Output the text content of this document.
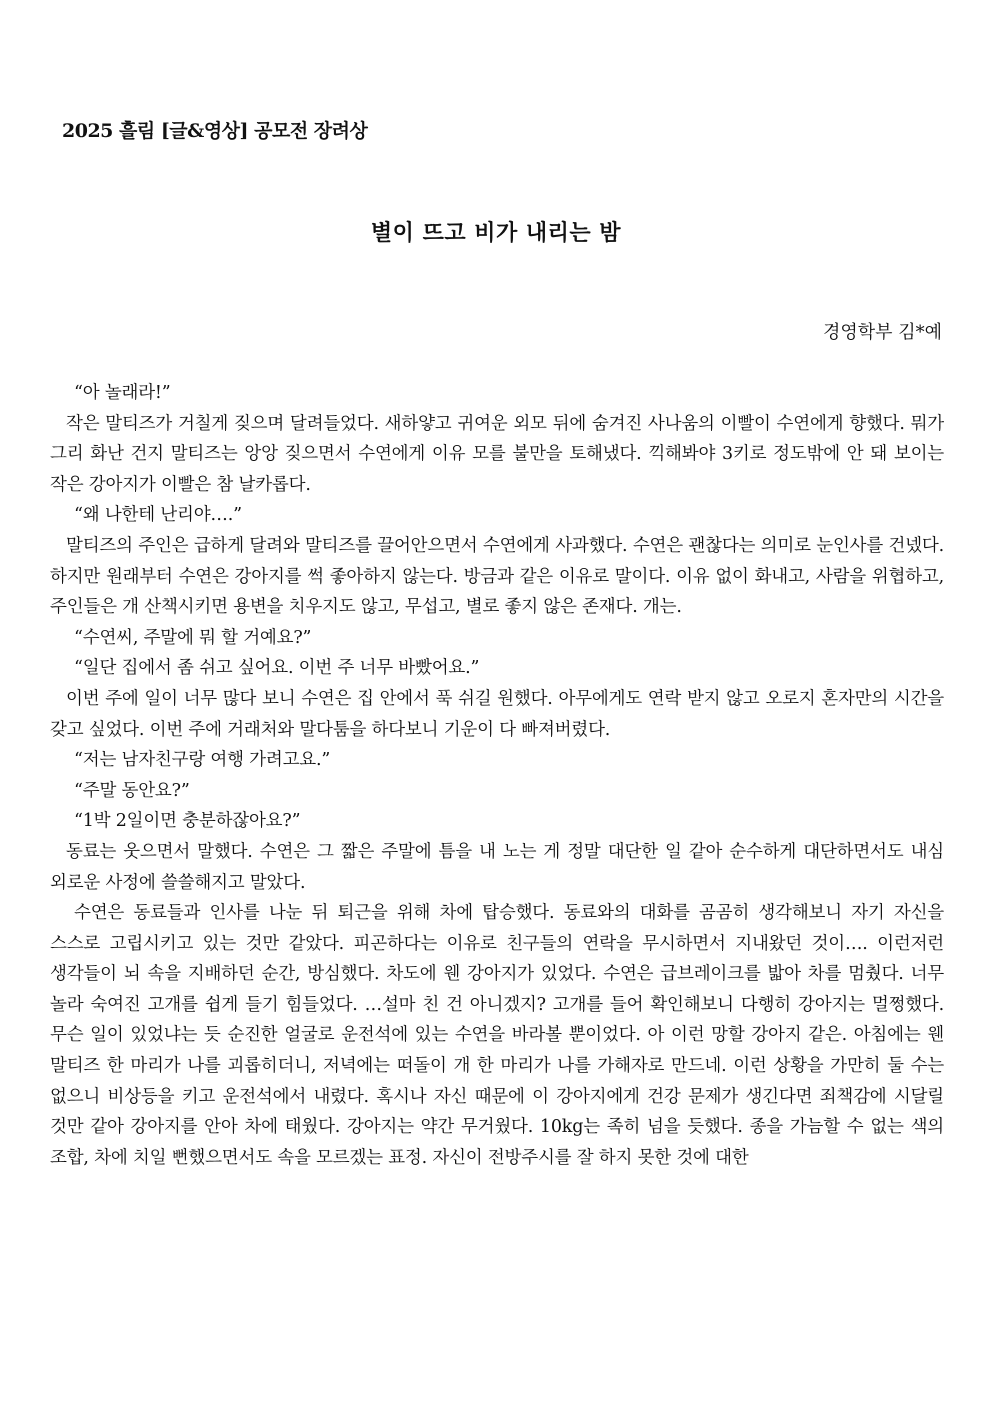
2025 흘림 [글&영상] 공모전 장려상
별이 뜨고 비가 내리는 밤
경영학부 김*예

“아 놀래라!”

작은 말티즈가 거칠게 짖으며 달려들었다. 새하얗고 귀여운 외모 뒤에 숨겨진 사나움의 이빨이 수연에게 향했다. 뭐가 그리 화난 건지 말티즈는 앙앙 짖으면서 수연에게 이유 모를 불만을 토해냈다. 끽해봐야 3키로 정도밖에 안 돼 보이는 작은 강아지가 이빨은 참 날카롭다.

“왜 나한테 난리야….”

말티즈의 주인은 급하게 달려와 말티즈를 끌어안으면서 수연에게 사과했다. 수연은 괜찮다는 의미로 눈인사를 건넸다. 하지만 원래부터 수연은 강아지를 썩 좋아하지 않는다. 방금과 같은 이유로 말이다. 이유 없이 화내고, 사람을 위협하고, 주인들은 개 산책시키면 용변을 치우지도 않고, 무섭고, 별로 좋지 않은 존재다. 개는.

“수연씨, 주말에 뭐 할 거예요?”

“일단 집에서 좀 쉬고 싶어요. 이번 주 너무 바빴어요.”

이번 주에 일이 너무 많다 보니 수연은 집 안에서 푹 쉬길 원했다. 아무에게도 연락 받지 않고 오로지 혼자만의 시간을 갖고 싶었다. 이번 주에 거래처와 말다툼을 하다보니 기운이 다 빠져버렸다.

“저는 남자친구랑 여행 가려고요.”

“주말 동안요?”

“1박 2일이면 충분하잖아요?”

동료는 웃으면서 말했다. 수연은 그 짧은 주말에 틈을 내 노는 게 정말 대단한 일 같아 순수하게 대단하면서도 내심 외로운 사정에 쓸쓸해지고 말았다.

수연은 동료들과 인사를 나눈 뒤 퇴근을 위해 차에 탑승했다. 동료와의 대화를 곰곰히 생각해보니 자기 자신을 스스로 고립시키고 있는 것만 같았다. 피곤하다는 이유로 친구들의 연락을 무시하면서 지내왔던 것이…. 이런저런 생각들이 뇌 속을 지배하던 순간, 방심했다. 차도에 웬 강아지가 있었다. 수연은 급브레이크를 밟아 차를 멈췄다. 너무 놀라 숙여진 고개를 쉽게 들기 힘들었다. …설마 친 건 아니겠지? 고개를 들어 확인해보니 다행히 강아지는 멀쩡했다. 무슨 일이 있었냐는 듯 순진한 얼굴로 운전석에 있는 수연을 바라볼 뿐이었다. 아 이런 망할 강아지 같은. 아침에는 웬 말티즈 한 마리가 나를 괴롭히더니, 저녁에는 떠돌이 개 한 마리가 나를 가해자로 만드네. 이런 상황을 가만히 둘 수는 없으니 비상등을 키고 운전석에서 내렸다. 혹시나 자신 때문에 이 강아지에게 건강 문제가 생긴다면 죄책감에 시달릴 것만 같아 강아지를 안아 차에 태웠다. 강아지는 약간 무거웠다. 10kg는 족히 넘을 듯했다. 종을 가늠할 수 없는 색의 조합, 차에 치일 뻔했으면서도 속을 모르겠는 표정. 자신이 전방주시를 잘 하지 못한 것에 대한
